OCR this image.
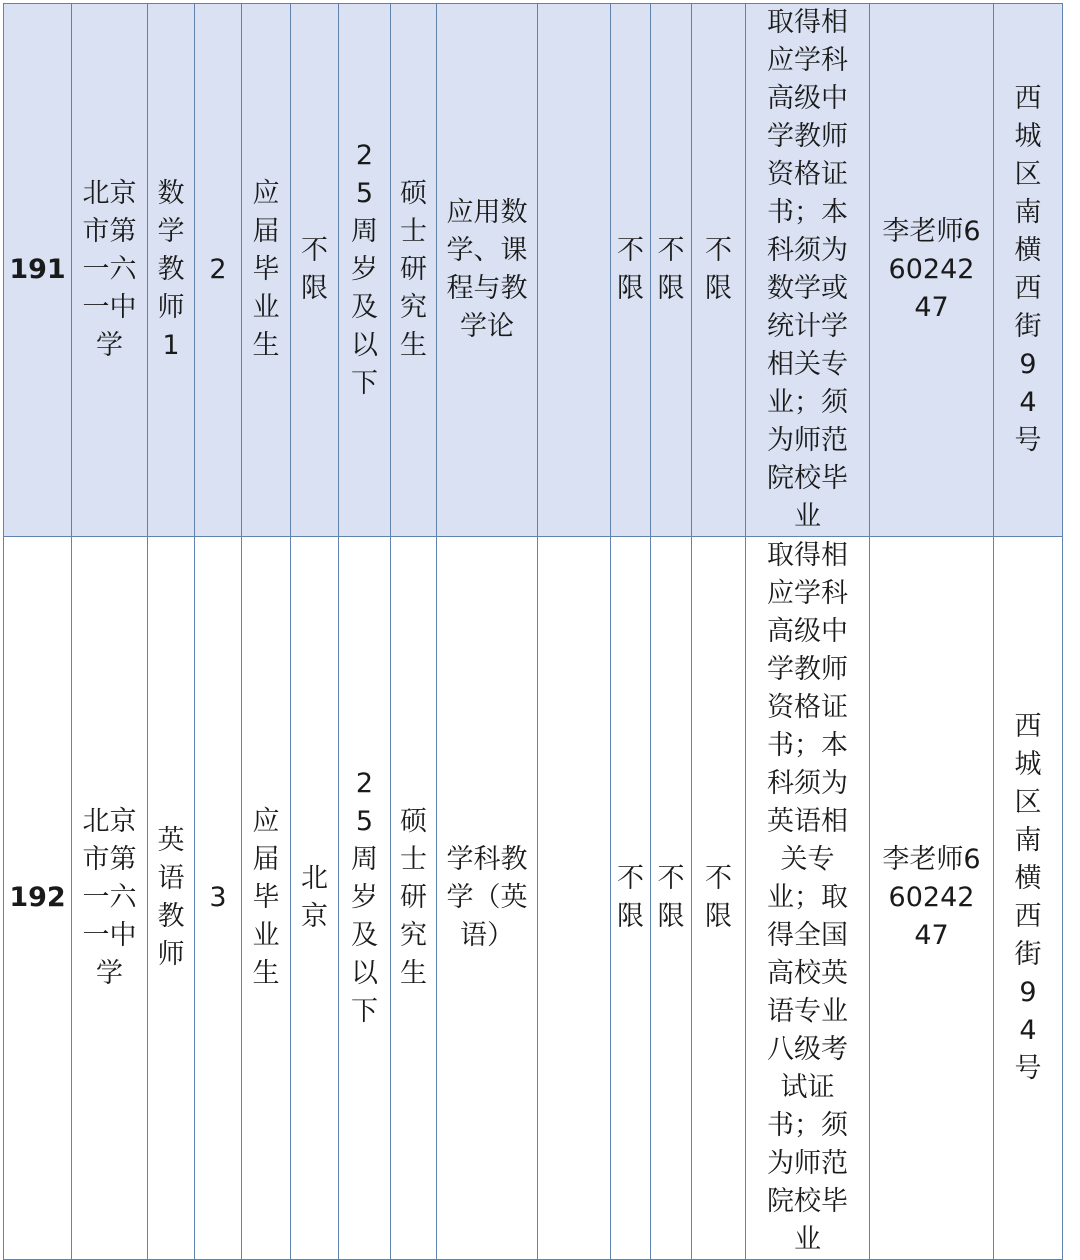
191	北京市第一六一中学	数学教师1	2	应届毕业生	不限	25周岁及以下	硕士研究生	应用数学、课程与教学论		不限	不限	不限	取得相应学科高级中学教师资格证书；本科须为数学或统计学相关专业；须为师范院校毕业	李老师66024247	西城区南横西街94号

192	北京市第一六一中学	英语教师	3	应届毕业生	北京	25周岁及以下	硕士研究生	学科教学（英语）		不限	不限	不限	取得相应学科高级中学教师资格证书；本科须为英语相关专业；取得全国高校英语专业八级考试证书；须为师范院校毕业	李老师66024247	西城区南横西街94号
